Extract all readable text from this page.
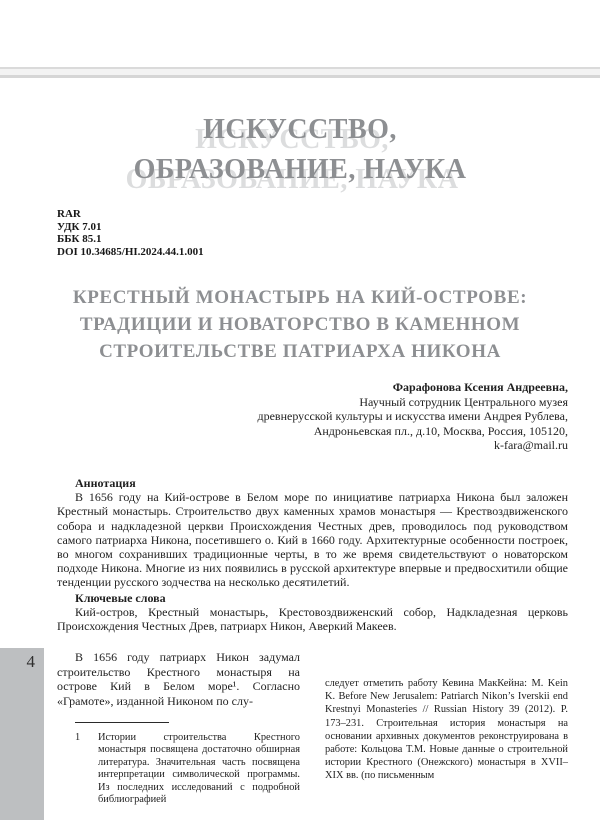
ИСКУССТВО,
ОБРАЗОВАНИЕ, НАУКА
RAR
УДК 7.01
ББК 85.1
DOI 10.34685/HI.2024.44.1.001
КРЕСТНЫЙ МОНАСТЫРЬ НА КИЙ-ОСТРОВЕ:
ТРАДИЦИИ И НОВАТОРСТВО В КАМЕННОМ
СТРОИТЕЛЬСТВЕ ПАТРИАРХА НИКОНА
Фарафонова Ксения Андреевна,
Научный сотрудник Центрального музея
древнерусской культуры и искусства имени Андрея Рублева,
Андроньевская пл., д.10, Москва, Россия, 105120,
k-fara@mail.ru
Аннотация
В 1656 году на Кий-острове в Белом море по инициативе патриарха Никона был заложен Крестный монастырь. Строительство двух каменных храмов монастыря — Крествоздвиженского собора и надкладезной церкви Происхождения Честных древ, проводилось под руководством самого патриарха Никона, посетившего о. Кий в 1660 году. Архитектурные особенности построек, во многом сохранивших традиционные черты, в то же время свидетельствуют о новаторском подходе Никона. Многие из них появились в русской архитектуре впервые и предвосхитили общие тенденции русского зодчества на несколько десятилетий.
Ключевые слова
Кий-остров, Крестный монастырь, Крестовоздвиженский собор, Надкладезная церковь Происхождения Честных Древ, патриарх Никон, Аверкий Макеев.
В 1656 году патриарх Никон задумал строительство Крестного монастыря на острове Кий в Белом море¹. Согласно «Грамоте», изданной Никоном по слу-
1	Истории строительства Крестного монастыря посвящена достаточно обширная литература. Значительная часть посвящена интерпретации символической программы. Из последних исследований с подробной библиографией
следует отметить работу Кевина МакКейна: M. Kein K. Before New Jerusalem: Patriarch Nikon’s Iverskii end Krestnyi Monasteries // Russian History 39 (2012). P. 173–231. Строительная история монастыря на основании архивных документов реконструирована в работе: Кольцова Т.М. Новые данные о строительной истории Крестного (Онежского) монастыря в XVII–XIX вв. (по письменным
4
